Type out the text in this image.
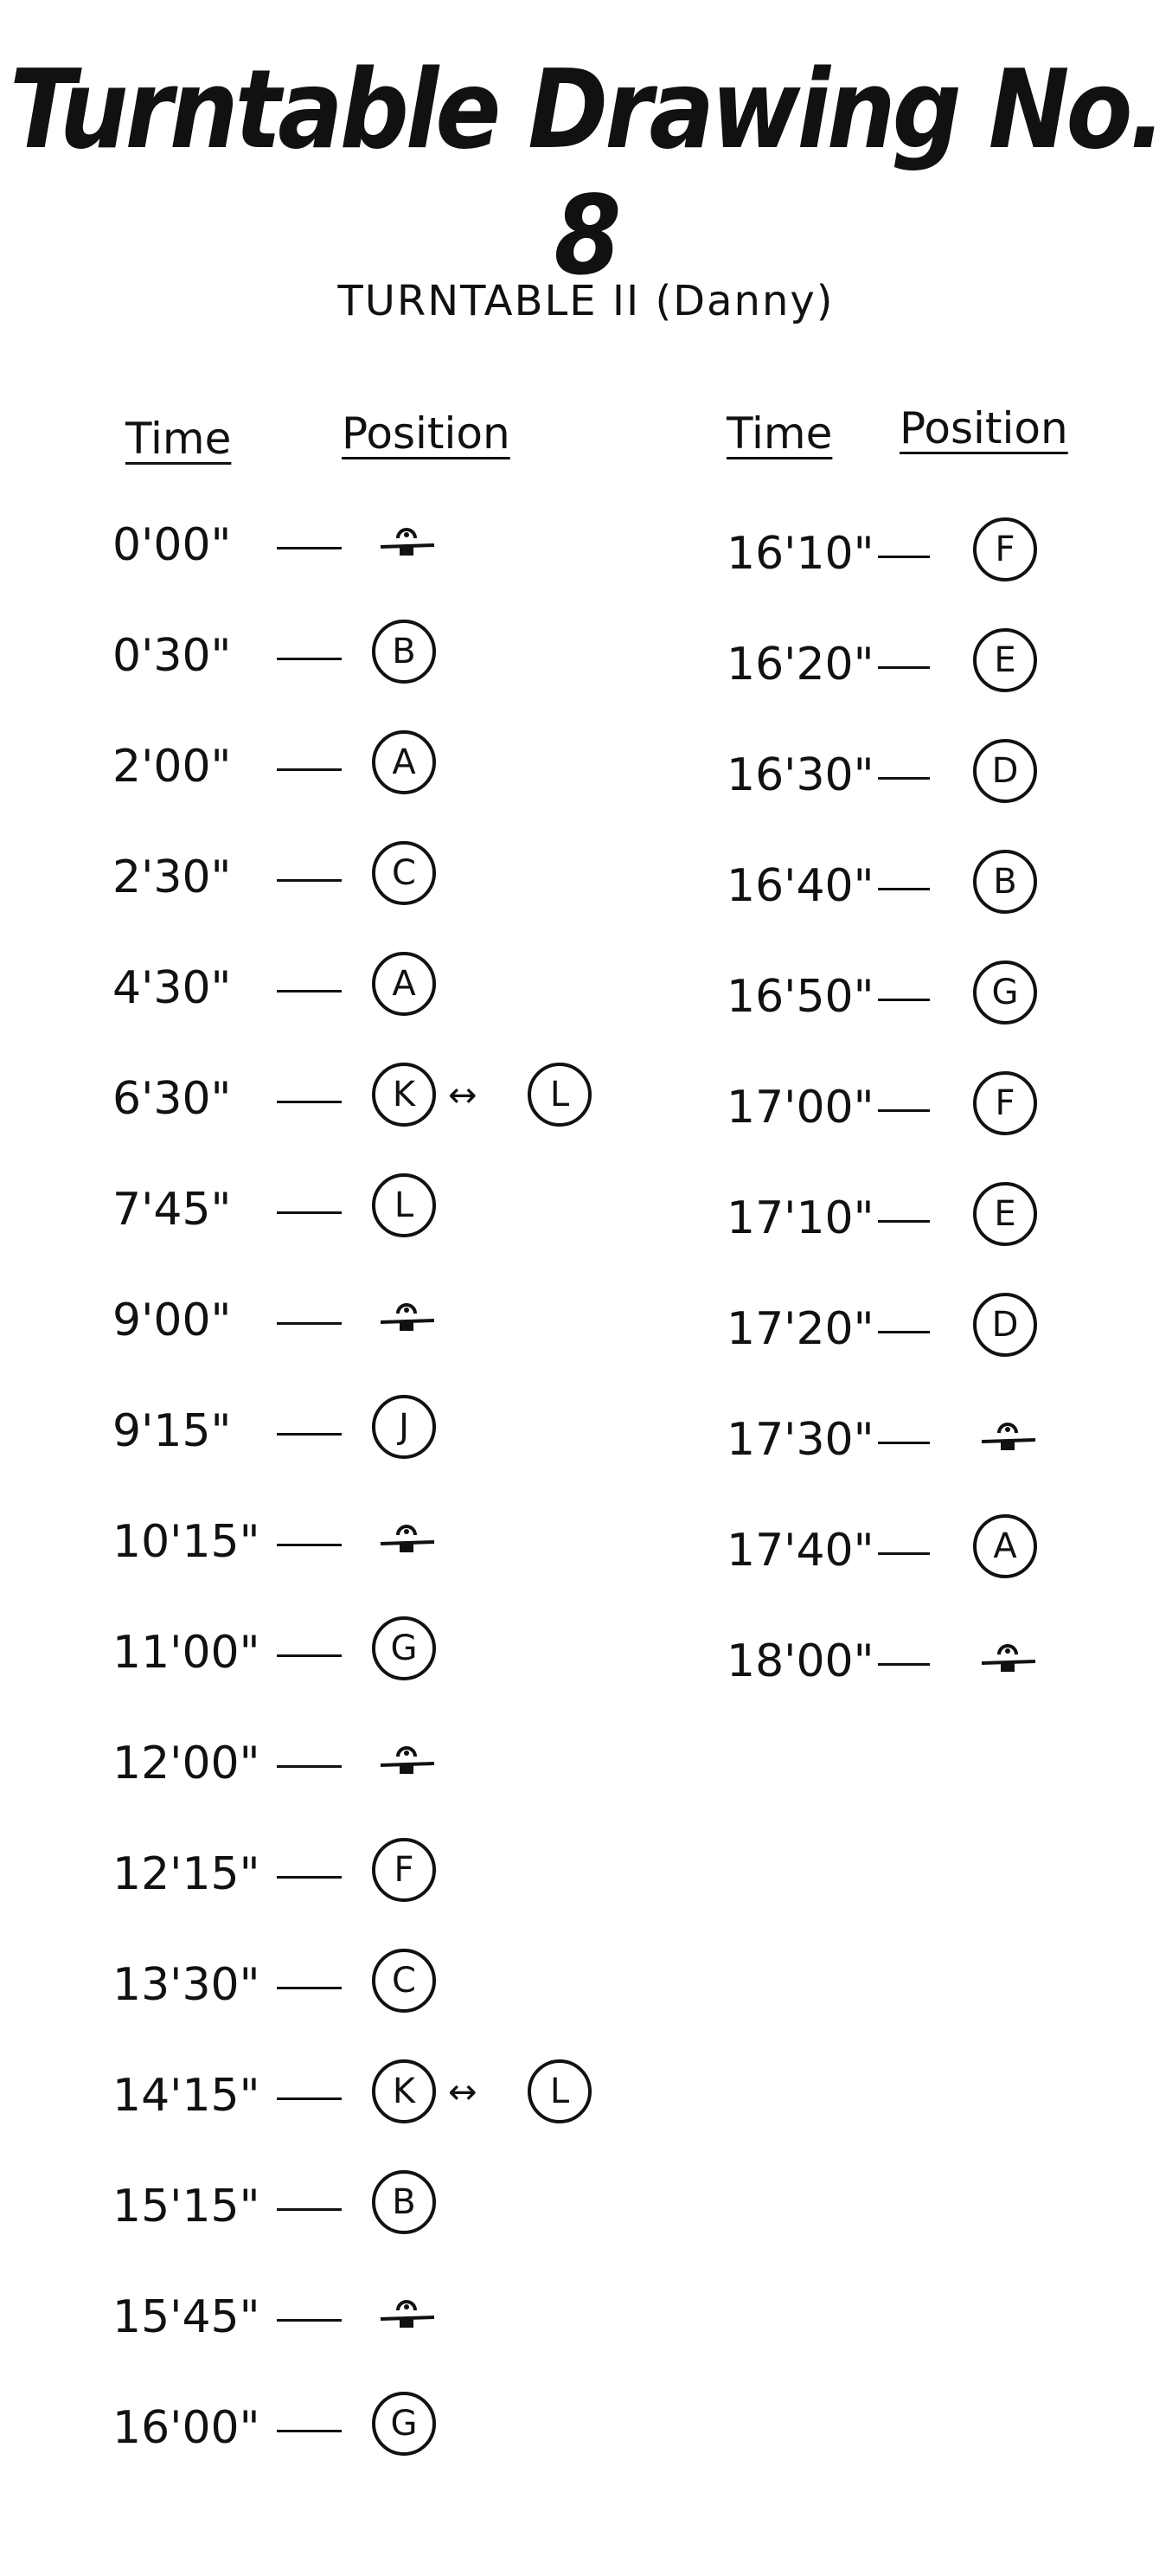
Turntable Drawing No. 8
TURNTABLE II (Danny)
Time	Position	Time Position
0'00"
0'30"	B
2'00"	A
2'30"	C
4'30"	A
6'30"	K ↔	L
7'45"	L
9'00"
9'15"	J
10'15"
11'00"	G
12'00"
12'15"	F
13'30"	C
14'15"	K ↔	L
15'15"	B
15'45"
16'00"	G
16'10"	F
16'20"	E
16'30"	D
16'40"	B
16'50"	G
17'00"	F
17'10"	E
17'20"	D
17'30"
17'40"	A
18'00"
